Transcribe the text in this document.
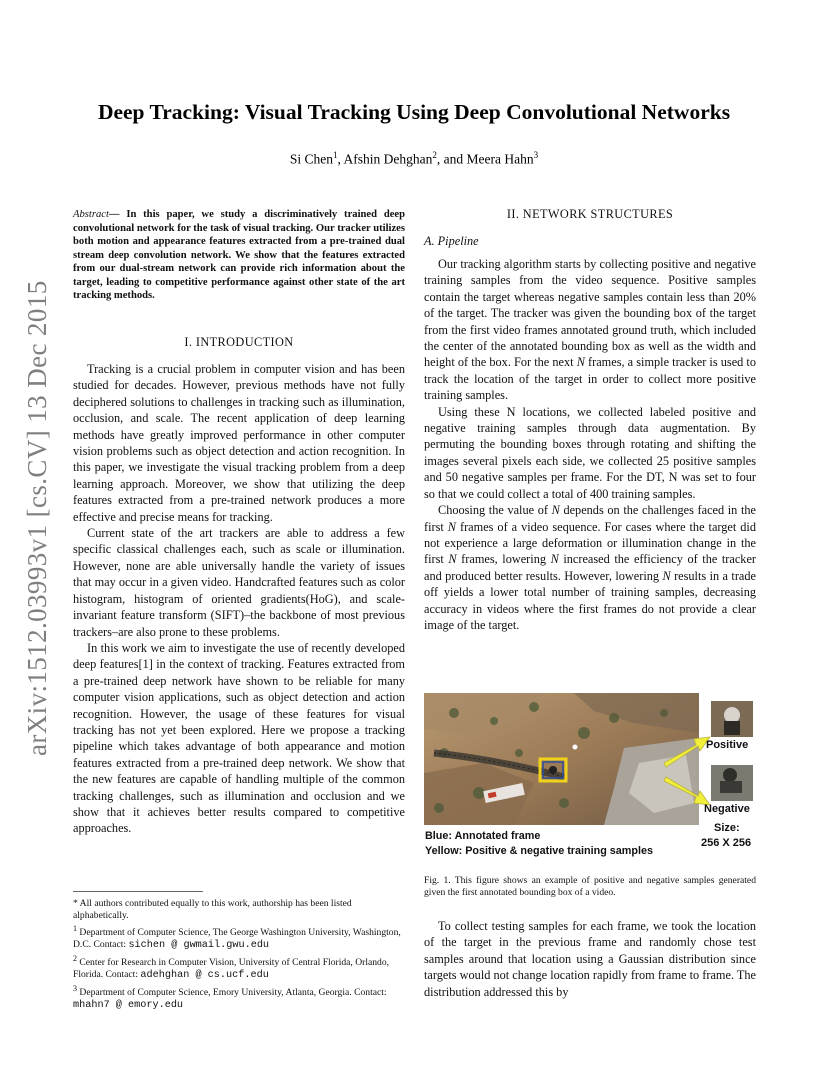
arXiv:1512.03993v1 [cs.CV] 13 Dec 2015
Deep Tracking: Visual Tracking Using Deep Convolutional Networks
Si Chen$^1$, Afshin Dehghan$^2$, and Meera Hahn$^3$
Abstract— In this paper, we study a discriminatively trained deep convolutional network for the task of visual tracking. Our tracker utilizes both motion and appearance features extracted from a pre-trained dual stream deep convolution network. We show that the features extracted from our dual-stream network can provide rich information about the target, leading to competitive performance against other state of the art tracking methods.
I. INTRODUCTION

Tracking is a crucial problem in computer vision and has been studied for decades. However, previous methods have not fully deciphered solutions to challenges in tracking such as illumination, occlusion, and scale. The recent application of deep learning methods have greatly improved performance in other computer vision problems such as object detection and action recognition. In this paper, we investigate the visual tracking problem from a deep learning approach. Moreover, we show that utilizing the deep features extracted from a pre-trained network produces a more effective and precise means for tracking.

Current state of the art trackers are able to address a few specific classical challenges each, such as scale or illumination. However, none are able universally handle the variety of issues that may occur in a given video. Handcrafted features such as color histogram, histogram of oriented gradients(HoG), and scale-invariant feature transform (SIFT)–the backbone of most previous trackers–are also prone to these problems.

In this work we aim to investigate the use of recently developed deep features[1] in the context of tracking. Features extracted from a pre-trained deep network have shown to be reliable for many computer vision applications, such as object detection and action recognition. However, the usage of these features for visual tracking has not yet been explored. Here we propose a tracking pipeline which takes advantage of both appearance and motion features extracted from a pre-trained deep network. We show that the new features are capable of handling multiple of the common tracking challenges, such as illumination and occlusion and we show that it achieves better results compared to competitive approaches.

* All authors contributed equally to this work, authorship has been listed alphabetically.
$^1$ Department of Computer Science, The George Washington University, Washington, D.C. Contact: sichen @ gwmail.gwu.edu
$^2$ Center for Research in Computer Vision, University of Central Florida, Orlando, Florida. Contact: adehghan @ cs.ucf.edu
$^3$ Department of Computer Science, Emory University, Atlanta, Georgia. Contact: mhahn7 @ emory.edu
II. NETWORK STRUCTURES
A. Pipeline

Our tracking algorithm starts by collecting positive and negative training samples from the video sequence. Positive samples contain the target whereas negative samples contain less than 20% of the target. The tracker was given the bounding box of the target from the first video frames annotated ground truth, which included the center of the annotated bounding box as well as the width and height of the box. For the next N frames, a simple tracker is used to track the location of the target in order to collect more positive training samples.

Using these N locations, we collected labeled positive and negative training samples through data augmentation. By permuting the bounding boxes through rotating and shifting the images several pixels each side, we collected 25 positive samples and 50 negative samples per frame. For the DT, N was set to four so that we could collect a total of 400 training samples.

Choosing the value of N depends on the challenges faced in the first N frames of a video sequence. For cases where the target did not experience a large deformation or illumination change in the first N frames, lowering N increased the efficiency of the tracker and produced better results. However, lowering N results in a trade off yields a lower total number of training samples, decreasing accuracy in videos where the first frames do not provide a clear image of the target.

Positive
Negative
Size:
256 X 256
Blue: Annotated frame
Yellow: Positive & negative training samples
Fig. 1. This figure shows an example of positive and negative samples generated given the first annotated bounding box of a video.

To collect testing samples for each frame, we took the location of the target in the previous frame and randomly chose test samples around that location using a Gaussian distribution since targets would not change location rapidly from frame to frame. The distribution addressed this by
